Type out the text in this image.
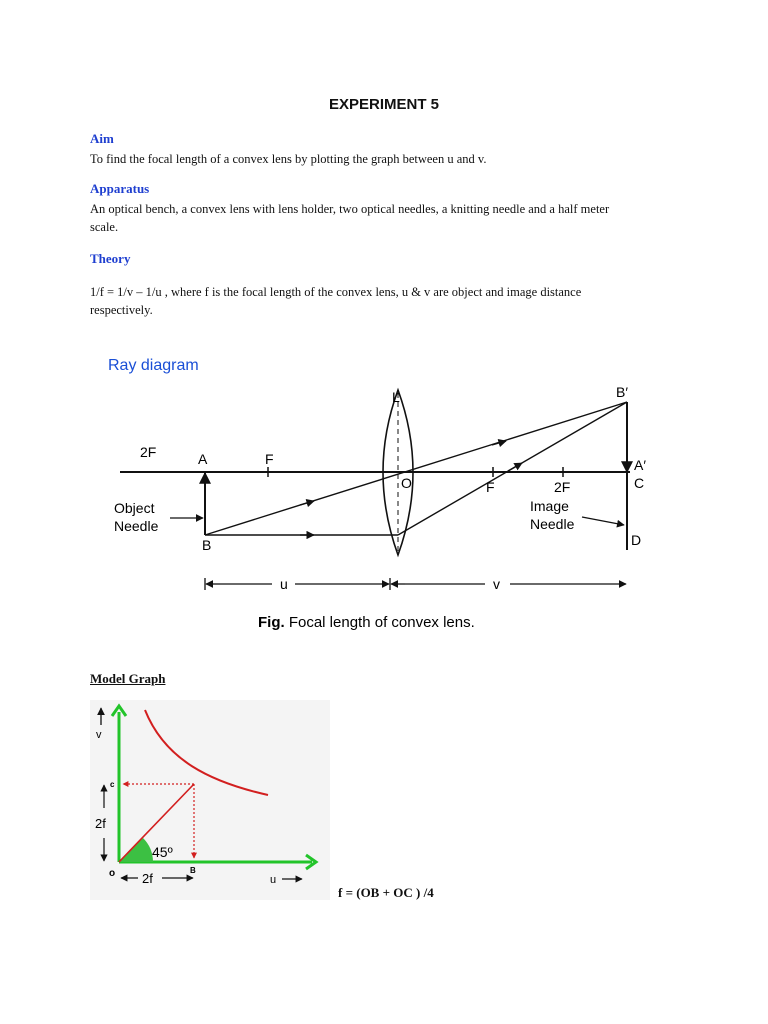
EXPERIMENT 5
Aim
To find the focal length of a convex lens by plotting the graph between u and v.
Apparatus
An optical bench, a convex lens with lens holder, two optical needles, a knitting needle and a half meter
scale.
Theory
1/f = 1/v – 1/u , where f is the focal length of the convex lens, u & v are object and image distance
respectively.
Ray diagram
2F	A	F
L
O	F	2F
B′
A′
C
D
B
Object
Needle
Image
Needle
u	v
Fig. Focal length of convex lens.
Model Graph
v
c
B
o
2f
2f
45º
u
f = (OB + OC ) /4
